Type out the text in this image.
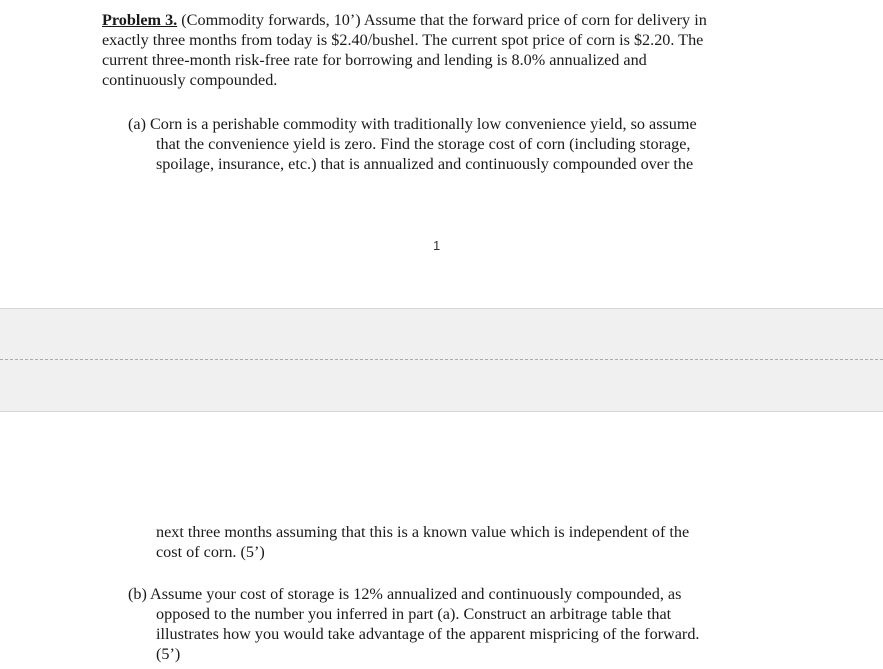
Problem 3. (Commodity forwards, 10’) Assume that the forward price of corn for delivery in
exactly three months from today is $2.40/bushel. The current spot price of corn is $2.20. The
current three-month risk-free rate for borrowing and lending is 8.0% annualized and
continuously compounded.
(a) Corn is a perishable commodity with traditionally low convenience yield, so assume
that the convenience yield is zero. Find the storage cost of corn (including storage,
spoilage, insurance, etc.) that is annualized and continuously compounded over the
1
next three months assuming that this is a known value which is independent of the
cost of corn. (5’)
(b) Assume your cost of storage is 12% annualized and continuously compounded, as
opposed to the number you inferred in part (a). Construct an arbitrage table that
illustrates how you would take advantage of the apparent mispricing of the forward.
(5’)
